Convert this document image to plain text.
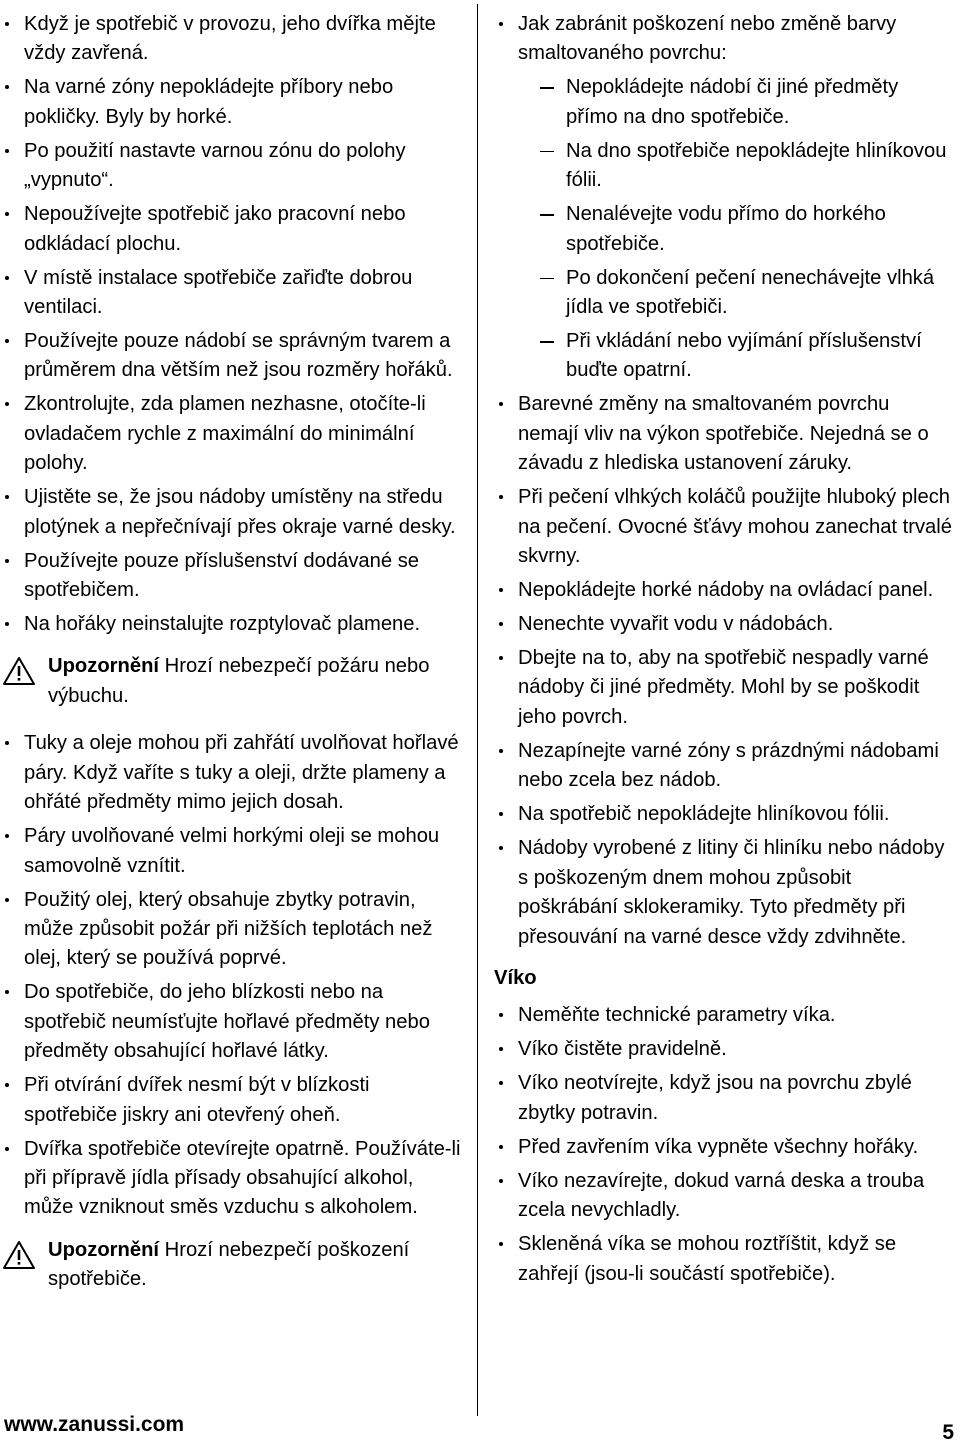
Když je spotřebič v provozu, jeho dvířka mějte vždy zavřená.
Na varné zóny nepokládejte příbory nebo pokličky. Byly by horké.
Po použití nastavte varnou zónu do polohy „vypnuto“.
Nepoužívejte spotřebič jako pracovní nebo odkládací plochu.
V místě instalace spotřebiče zařiďte dobrou ventilaci.
Používejte pouze nádobí se správným tvarem a průměrem dna větším než jsou rozměry hořáků.
Zkontrolujte, zda plamen nezhasne, otočíte-li ovladačem rychle z maximální do minimální polohy.
Ujistěte se, že jsou nádoby umístěny na středu plotýnek a nepřečnívají přes okraje varné desky.
Používejte pouze příslušenství dodávané se spotřebičem.
Na hořáky neinstalujte rozptylovač plamene.
Upozornění Hrozí nebezpečí požáru nebo výbuchu.
Tuky a oleje mohou při zahřátí uvolňovat hořlavé páry. Když vaříte s tuky a oleji, držte plameny a ohřáté předměty mimo jejich dosah.
Páry uvolňované velmi horkými oleji se mohou samovolně vznítit.
Použitý olej, který obsahuje zbytky potravin, může způsobit požár při nižších teplotách než olej, který se používá poprvé.
Do spotřebiče, do jeho blízkosti nebo na spotřebič neumísťujte hořlavé předměty nebo předměty obsahující hořlavé látky.
Při otvírání dvířek nesmí být v blízkosti spotřebiče jiskry ani otevřený oheň.
Dvířka spotřebiče otevírejte opatrně. Používáte-li při přípravě jídla přísady obsahující alkohol, může vzniknout směs vzduchu s alkoholem.
Upozornění Hrozí nebezpečí poškození spotřebiče.
Jak zabránit poškození nebo změně barvy smaltovaného povrchu:
Nepokládejte nádobí či jiné předměty přímo na dno spotřebiče.
Na dno spotřebiče nepokládejte hliníkovou fólii.
Nenalévejte vodu přímo do horkého spotřebiče.
Po dokončení pečení nenechávejte vlhká jídla ve spotřebiči.
Při vkládání nebo vyjímání příslušenství buďte opatrní.
Barevné změny na smaltovaném povrchu nemají vliv na výkon spotřebiče. Nejedná se o závadu z hlediska ustanovení záruky.
Při pečení vlhkých koláčů použijte hluboký plech na pečení. Ovocné šťávy mohou zanechat trvalé skvrny.
Nepokládejte horké nádoby na ovládací panel.
Nenechte vyvařit vodu v nádobách.
Dbejte na to, aby na spotřebič nespadly varné nádoby či jiné předměty. Mohl by se poškodit jeho povrch.
Nezapínejte varné zóny s prázdnými nádobami nebo zcela bez nádob.
Na spotřebič nepokládejte hliníkovou fólii.
Nádoby vyrobené z litiny či hliníku nebo nádoby s poškozeným dnem mohou způsobit poškrábání sklokeramiky. Tyto předměty při přesouvání na varné desce vždy zdvihněte.
Víko
Neměňte technické parametry víka.
Víko čistěte pravidelně.
Víko neotvírejte, když jsou na povrchu zbylé zbytky potravin.
Před zavřením víka vypněte všechny hořáky.
Víko nezavírejte, dokud varná deska a trouba zcela nevychladly.
Skleněná víka se mohou roztříštit, když se zahřejí (jsou-li součástí spotřebiče).
www.zanussi.com	5
